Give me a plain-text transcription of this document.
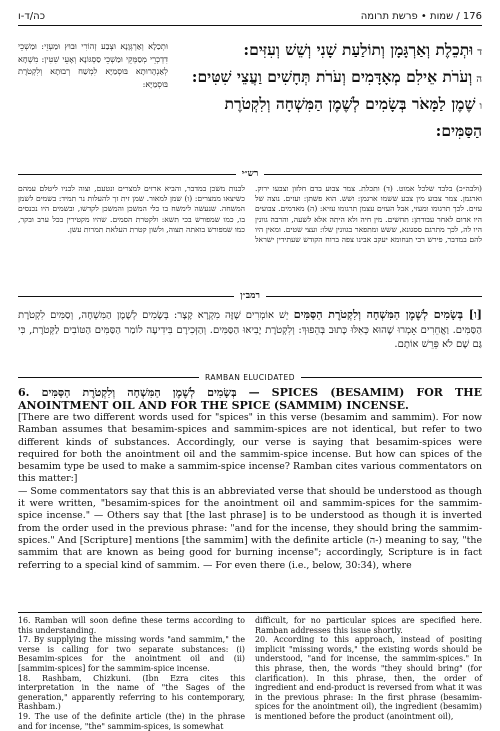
כה/ד-ו	176 / שמות • פרשת תרומה
דוּתְכֵלֶת וְאַרְגָּמָן וְתוֹלַעַת שָׁנִי וְשֵׁשׁ וְעִזִּים:
הוְעֹרֹת אֵילִם מְאָדָּמִים וְעֹרֹת תְּחָשִׁים וַעֲצֵי שִׁטִּים:
ושֶׁמֶן לַמָּאֹר בְּשָׂמִים לְשֶׁמֶן הַמִּשְׁחָה וְלִקְטֹרֶת הַסַּמִּים:
וּתְכַלָא וְאַרְגְּוָנָא וּצְבַע זְהוֹרִי וּבוּץ וּמַעְזֵי: וּמַשְׁכֵי דִדְכְרֵי מְסַמְּקֵי וּמַשְׁכֵי סַסְגּוֹנָא וְאָעֵי שִׁטִּין: מִשְׁחָא לְאַנְהָרוּתָא בּוּסְמַיָּא לִמְשַׁח רְבוּתָא וְלִקְטֹרֶת בּוּסְמַיָּא:
רש״י
(ולבה״כ) בלבד שלכל אמוט. (ד) ותכלת. צמר צבוע בדם חלזון וצבעו ירוק. וארגמן. צמר צבוע מין צבע ששמו ארגמן: ושש. הוא פשתן: ועזים. נוצה של עזים. לכך תרגומו ומעזי, אבל העזים עצמן תרגומו עזיא: (ה) מאדמים. צבועים היו אדום לאחר עבודתן: תחשים. מין חיה ולא היתה אלא לשעה, והרבה גוונין היו לה, לכך מתרגם ססגונא, ששש ומתפאר בגוונין שלו: ועצי שטים. ומאין היו להם במדבר, פירש רבי תנחומא יעקב אבינו צפה ברוח הקודש שעתידין ישראל לבנות משכן במדבר, והביא ארזים למצרים ונטעם, וצוה לבניו ליטלם עמהם כשיצאו ממצרים: (ו) שמן למאור. שמן זית זך להעלות נר תמיד: בשמים לשמן המשחה. שנעשה לימשח בו כלי המשכן והמשכן לקדשו, ובשמים היו נכנסים בו, כמו שמפורש בכי תשא: ולקטרת הסמים. שהיו מקטירין בכל ערב ובקר, כמו שמפורש בואתה תצוה, ולשון קטרת העלאת תמרות עשן.
רמב״ן
[ו] בְּשָׂמִים לְשֶׁמֶן הַמִּשְׁחָה וְלִקְטֹרֶת הַסַּמִּים יֵשׁ אוֹמְרִים שֶׁזֶּה מִקְרָא קָצָר: בְּשָׂמִים לְשֶׁמֶן הַמִּשְׁחָה, וְסַמִּים לִקְטֹרֶת הַסַּמִּים. וַאֲחֵרִים אָמְרוּ שֶׁהוּא כְּאִלּוּ כָּתוּב בְּהֵפוּךְ: וְלִקְטֹרֶת יָבִיאוּ הַסַּמִּים. וְהַזְּכִירָם בִּידִיעָה לוֹמַר הַסַּמִּים הַטּוֹבִים לַקְּטֹרֶת, כִּי גַּם שָׁם לֹא פֵּרֵשׁ אוֹתָם.
RAMBAN ELUCIDATED

6. בְּשָׂמִים לְשֶׁמֶן הַמִּשְׁחָה וְלִקְטֹרֶת הַסַּמִּים — SPICES (BESAMIM) FOR THE ANOINTMENT OIL AND FOR THE SPICE (SAMMIM) INCENSE.

[There are two different words used for "spices" in this verse (besamim and sammim). For now Ramban assumes that besamim-spices and sammim-spices are not identical, but refer to two different kinds of substances. Accordingly, our verse is saying that besamim-spices were required for both the anointment oil and the sammim-spice incense. But how can spices of the besamim type be used to make a sammim-spice incense? Ramban cites various commentators on this matter:]

— Some commentators say that this is an abbreviated verse that should be understood as though it were written, "besamim-spices for the anointment oil and sammim-spices for the sammim-spice incense." — Others say that [the last phrase] is to be understood as though it is inverted from the order used in the previous phrase: "and for the incense, they should bring the sammim-spices." And [Scripture] mentions [the sammim] with the definite article (ה-) meaning to say, "the sammim that are known as being good for burning incense"; accordingly, Scripture is in fact referring to a special kind of sammim. — For even there (i.e., below, 30:34), where

16. Ramban will soon define these terms according to this understanding.

17. By supplying the missing words "and sammim," the verse is calling for two separate substances: (i) Besamim-spices for the anointment oil and (ii) [sammim-spices] for the sammim-spice incense.

18. Rashbam, Chizkuni. (Ibn Ezra cites this interpretation in the name of "the Sages of the generation," apparently referring to his contemporary, Rashbam.)

19. The use of the definite article (the) in the phrase and for incense, "the" sammim-spices, is somewhat

difficult, for no particular spices are specified here. Ramban addresses this issue shortly.

20. According to this approach, instead of positing implicit "missing words," the existing words should be understood, "and for incense, the sammim-spices." In this phrase, then, the words "they should bring" (for clarification). In this phrase, then, the order of ingredient and end-product is reversed from what it was in the previous phrase: In the first phrase (besamim-spices for the anointment oil), the ingredient (besamim) is mentioned before the product (anointment oil),
